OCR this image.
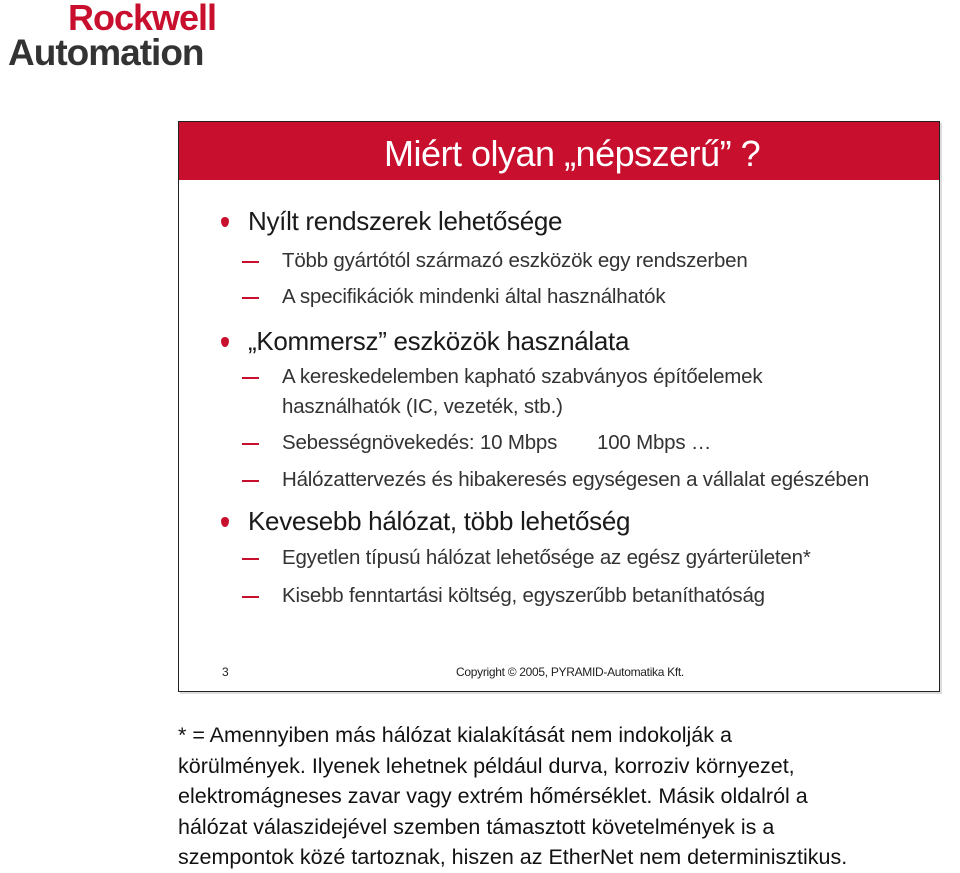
Rockwell
Automation
Miért olyan „népszerű” ?
Nyílt rendszerek lehetősége
Több gyártótól származó eszközök egy rendszerben
A specifikációk mindenki által használhatók
„Kommersz” eszközök használata
A kereskedelemben kapható szabványos építőelemek
használhatók (IC, vezeték, stb.)
Sebességnövekedés: 10 Mbps 100 Mbps …
Hálózattervezés és hibakeresés egységesen a vállalat egészében
Kevesebb hálózat, több lehetőség
Egyetlen típusú hálózat lehetősége az egész gyárterületen*
Kisebb fenntartási költség, egyszerűbb betaníthatóság
3	Copyright © 2005, PYRAMID-Automatika Kft.

* = Amennyiben más hálózat kialakítását nem indokolják a

körülmények. Ilyenek lehetnek például durva, korroziv környezet,

elektromágneses zavar vagy extrém hőmérséklet. Másik oldalról a

hálózat válaszidejével szemben támasztott követelmények is a

szempontok közé tartoznak, hiszen az EtherNet nem determinisztikus.
